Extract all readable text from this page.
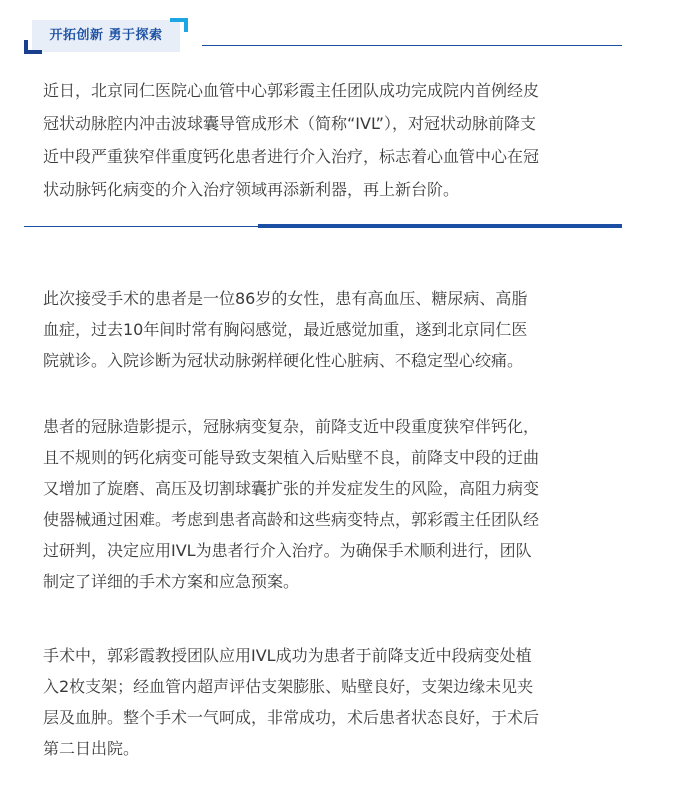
开拓创新 勇于探索
近日，北京同仁医院心血管中心郭彩霞主任团队成功完成院内首例经皮
冠状动脉腔内冲击波球囊导管成形术（简称“IVL”），对冠状动脉前降支
近中段严重狭窄伴重度钙化患者进行介入治疗，标志着心血管中心在冠
状动脉钙化病变的介入治疗领域再添新利器，再上新台阶。
此次接受手术的患者是一位86岁的女性，患有高血压、糖尿病、高脂
血症，过去10年间时常有胸闷感觉，最近感觉加重，遂到北京同仁医
院就诊。入院诊断为冠状动脉粥样硬化性心脏病、不稳定型心绞痛。
患者的冠脉造影提示，冠脉病变复杂，前降支近中段重度狭窄伴钙化，
且不规则的钙化病变可能导致支架植入后贴壁不良，前降支中段的迂曲
又增加了旋磨、高压及切割球囊扩张的并发症发生的风险，高阻力病变
使器械通过困难。考虑到患者高龄和这些病变特点，郭彩霞主任团队经
过研判，决定应用IVL为患者行介入治疗。为确保手术顺利进行，团队
制定了详细的手术方案和应急预案。
手术中，郭彩霞教授团队应用IVL成功为患者于前降支近中段病变处植
入2枚支架；经血管内超声评估支架膨胀、贴壁良好，支架边缘未见夹
层及血肿。整个手术一气呵成，非常成功，术后患者状态良好，于术后
第二日出院。
